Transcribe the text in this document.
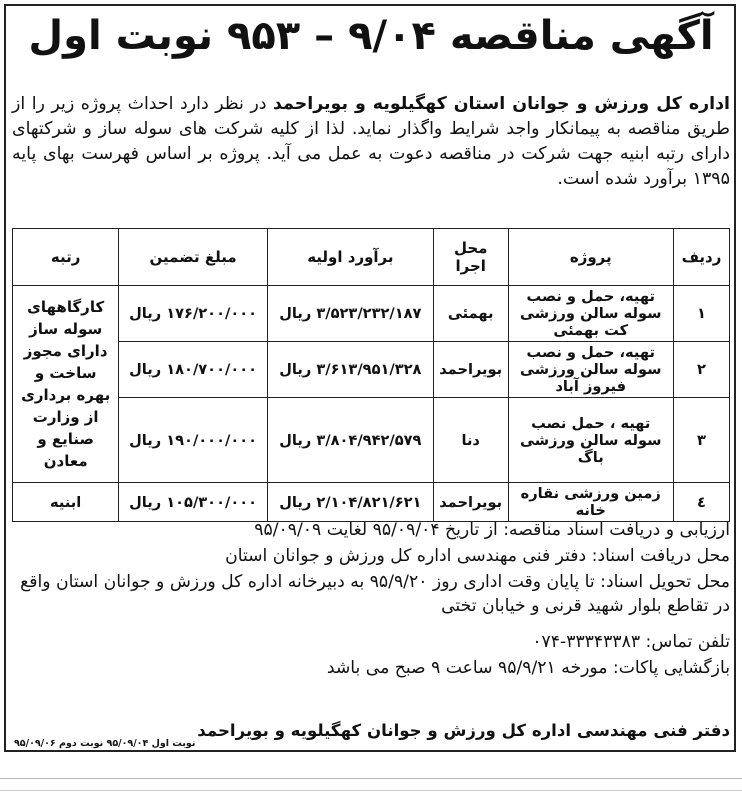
آگهی مناقصه ۹/۰۴ – ۹۵۳ نوبت اول
اداره کل ورزش و جوانان استان کهگیلویه و بویراحمد در نظر دارد احداث پروژه زیر را از طریق مناقصه به پیمانکار واجد شرایط واگذار نماید. لذا از کلیه شرکت های سوله ساز و شرکتهای دارای رتبه ابنیه جهت شرکت در مناقصه دعوت به عمل می آید. پروژه بر اساس فهرست بهای پایه ۱۳۹۵ برآورد شده است.
ردیف	پروژه	محل اجرا	برآورد اولیه	مبلغ تضمین	رتبه
۱	تهیه، حمل و نصب سوله سالن ورزشی کت بهمئی	بهمئی	۳/۵۲۳/۲۳۲/۱۸۷ ریال	۱۷۶/۲۰۰/۰۰۰ ریال	کارگاههای سوله ساز دارای مجوز ساخت و بهره برداری از وزارت صنایع و معادن
۲	تهیه، حمل و نصب سوله سالن ورزشی فیروز آباد	بویراحمد	۳/۶۱۳/۹۵۱/۳۲۸ ریال	۱۸۰/۷۰۰/۰۰۰ ریال	
۳	تهیه ، حمل نصب سوله سالن ورزشی باگ	دنا	۳/۸۰۴/۹۴۲/۵۷۹ ریال	۱۹۰/۰۰۰/۰۰۰ ریال	
٤	زمین ورزشی نقاره خانه	بویراحمد	۲/۱۰۴/۸۲۱/۶۲۱ ریال	۱۰۵/۳۰۰/۰۰۰ ریال	ابنیه
ارزیابی و دریافت اسناد مناقصه: از تاریخ ۹۵/۰۹/۰۴ لغایت ۹۵/۰۹/۰۹
محل دریافت اسناد: دفتر فنی مهندسی اداره کل ورزش و جوانان استان
محل تحویل اسناد: تا پایان وقت اداری روز ۹۵/۹/۲۰ به دبیرخانه اداره کل ورزش و جوانان استان واقع در تقاطع بلوار شهید قرنی و خیابان تختی
تلفن تماس: ۳۳۳۴۳۳۸۳-۰۷۴
بازگشایی پاکات: مورخه ۹۵/۹/۲۱ ساعت ۹ صبح می باشد
دفتر فنی مهندسی اداره کل ورزش و جوانان کهگیلویه و بویراحمد
نوبت اول ۹۵/۰۹/۰۴ نوبت دوم ۹۵/۰۹/۰۶
